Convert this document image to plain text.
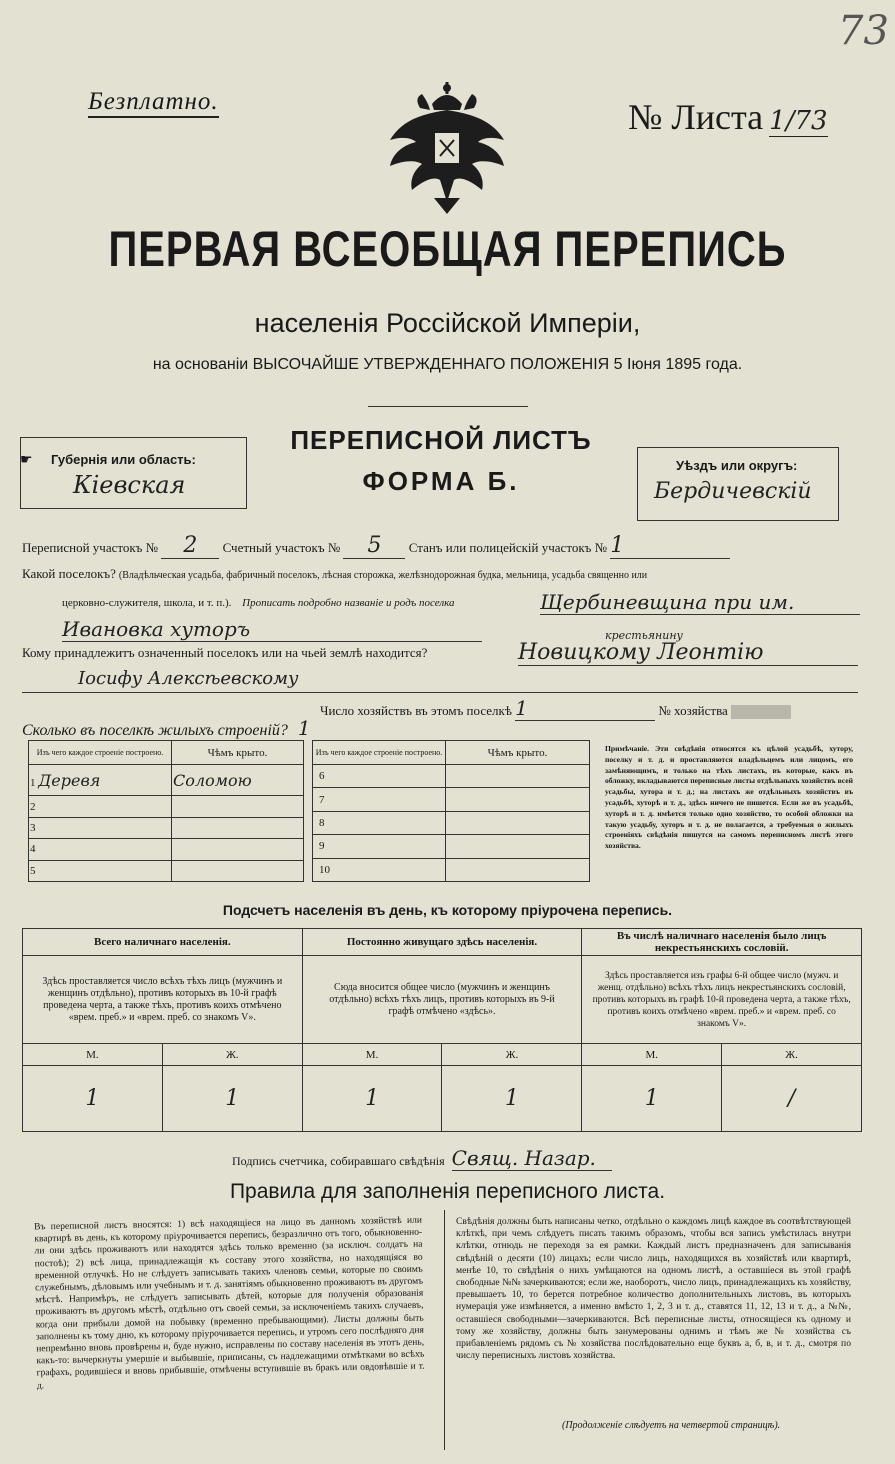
73
Безплатно.	№ Листа 1/73
ПЕРВАЯ ВСЕОБЩАЯ ПЕРЕПИСЬ
населенія Россійской Имперіи,
на основаніи ВЫСОЧАЙШЕ УТВЕРЖДЕННАГО ПОЛОЖЕНІЯ 5 Іюня 1895 года.
Губернія или область:
Кіевская
☛
ПЕРЕПИСНОЙ ЛИСТЪ
ФОРМА Б.
Уѣздъ или округъ:
Бердичевскій
Переписной участокъ № 2 Счетный участокъ № 5 Станъ или полицейскій участокъ № 1
Какой поселокъ? (Владѣльческая усадьба, фабричный поселокъ, лѣсная сторожка, желѣзнодорожная будка, мельница, усадьба священно или
церковно-служителя, школа, и т. п.). Прописать подробно названіе и родъ поселка	Щербиневщина при им.
Ивановка хуторъ
Кому принадлежитъ означенный поселокъ или на чьей землѣ находится?
крестьянину
Новицкому Леонтію
Іосифу Алексѣевскому
Число хозяйствъ въ этомъ поселкѣ 1	№ хозяйства
Сколько въ поселкѣ жилыхъ строеній? 1
Изъ чего каждое строеніе построено.	Чѣмъ крыто.
1 Деревя	Соломою
2	
3	
4	
5	
Изъ чего каждое строеніе построено.	Чѣмъ крыто.
6	
7	
8	
9	
10	
Примѣчаніе. Эти свѣдѣнія относятся къ цѣлой усадьбѣ, хутору, поселку и т. д. и проставляются владѣльцемъ или лицомъ, его замѣняющимъ, и только на тѣхъ листахъ, въ которые, какъ въ обложку, вкладываются переписные листы отдѣльныхъ хозяйствъ всей усадьбы, хутора и т. д.; на листахъ же отдѣльныхъ хозяйствъ въ усадьбѣ, хуторѣ и т. д., здѣсь ничего не пишется. Если же въ усадьбѣ, хуторѣ и т. д. имѣется только одно хозяйство, то особой обложки на такую усадьбу, хуторъ и т. д. не полагается, а требуемыя о жилыхъ строеніяхъ свѣдѣнія пишутся на самомъ переписномъ листѣ этого хозяйства.
Подсчетъ населенія въ день, къ которому пріурочена перепись.
Всего наличнаго населенія.		Постоянно живущаго здѣсь населенія.		Въ числѣ наличнаго населенія было лицъ некрестьянскихъ сословій.	
Здѣсь проставляется число всѣхъ тѣхъ лицъ (мужчинъ и женщинъ отдѣльно), противъ которыхъ въ 10-й графѣ проведена черта, а также тѣхъ, противъ коихъ отмѣчено «врем. преб.» и «врем. преб. со знакомъ V».		Сюда вносится общее число (мужчинъ и женщинъ отдѣльно) всѣхъ тѣхъ лицъ, противъ которыхъ въ 9-й графѣ отмѣчено «здѣсь».		Здѣсь проставляется изъ графы 6-й общее число (мужч. и женщ. отдѣльно) всѣхъ тѣхъ лицъ некрестьянскихъ сословій, противъ которыхъ въ графѣ 10-й проведена черта, а также тѣхъ, противъ коихъ отмѣчено «врем. преб.» и «врем. преб. со знакомъ V».	
М.	Ж.	М.	Ж.	М.	Ж.
1	1	1	1	1	/
Подпись счетчика, собиравшаго свѣдѣнія Свящ. Назар.
Правила для заполненія переписного листа.
Въ переписной листъ вносятся: 1) всѣ находящіеся на лицо въ данномъ хозяйствѣ или квартирѣ въ день, къ которому пріурочивается перепись, безразлично отъ того, обыкновенно-ли они здѣсь проживаютъ или находятся здѣсь только временно (за исключ. солдатъ на постоѣ); 2) всѣ лица, принадлежащія къ составу этого хозяйства, но находящіяся во временной отлучкѣ. Но не слѣдуетъ записывать такихъ членовъ семьи, которые по своимъ служебнымъ, дѣловымъ или учебнымъ и т. д. занятіямъ обыкновенно проживаютъ въ другомъ мѣстѣ. Напримѣръ, не слѣдуетъ записывать дѣтей, которые для полученія образованія проживаютъ въ другомъ мѣстѣ, отдѣльно отъ своей семьи, за исключеніемъ такихъ случаевъ, когда они прибыли домой на побывку (временно пребывающими). Листы должны быть заполнены къ тому дню, къ которому пріурочивается перепись, и утромъ сего послѣдняго дня непремѣнно вновь провѣрены и, буде нужно, исправлены по составу населенія въ этотъ день, какъ-то: вычеркнуты умершіе и выбывшіе, приписаны, съ надлежащими отмѣтками во всѣхъ графахъ, родившіеся и вновь прибывшіе, отмѣчены вступившіе въ бракъ или овдовѣвшіе и т. д.
Свѣдѣнія должны быть написаны четко, отдѣльно о каждомъ лицѣ каждое въ соотвѣтствующей клѣткѣ, при чемъ слѣдуетъ писать такимъ образомъ, чтобы вся запись умѣстилась внутри клѣтки, отнюдь не переходя за ея рамки. Каждый листъ предназначенъ для записыванія свѣдѣній о десяти (10) лицахъ; если число лицъ, находящихся въ хозяйствѣ или квартирѣ, менѣе 10, то свѣдѣнія о нихъ умѣщаются на одномъ листѣ, а оставшіеся въ этой графѣ свободные №№ зачеркиваются; если же, наоборотъ, число лицъ, принадлежащихъ къ хозяйству, превышаетъ 10, то берется потребное количество дополнительныхъ листовъ, въ которыхъ нумерація уже измѣняется, а именно вмѣсто 1, 2, 3 и т. д., ставятся 11, 12, 13 и т. д., а №№, оставшіеся свободными—зачеркиваются. Всѣ переписные листы, относящіеся къ одному и тому же хозяйству, должны быть занумерованы однимъ и тѣмъ же № хозяйства съ прибавленіемъ рядомъ съ № хозяйства послѣдовательно еще буквъ а, б, в, и т. д., смотря по числу переписныхъ листовъ хозяйства.
(Продолженіе слѣдуетъ на четвертой страницѣ).
